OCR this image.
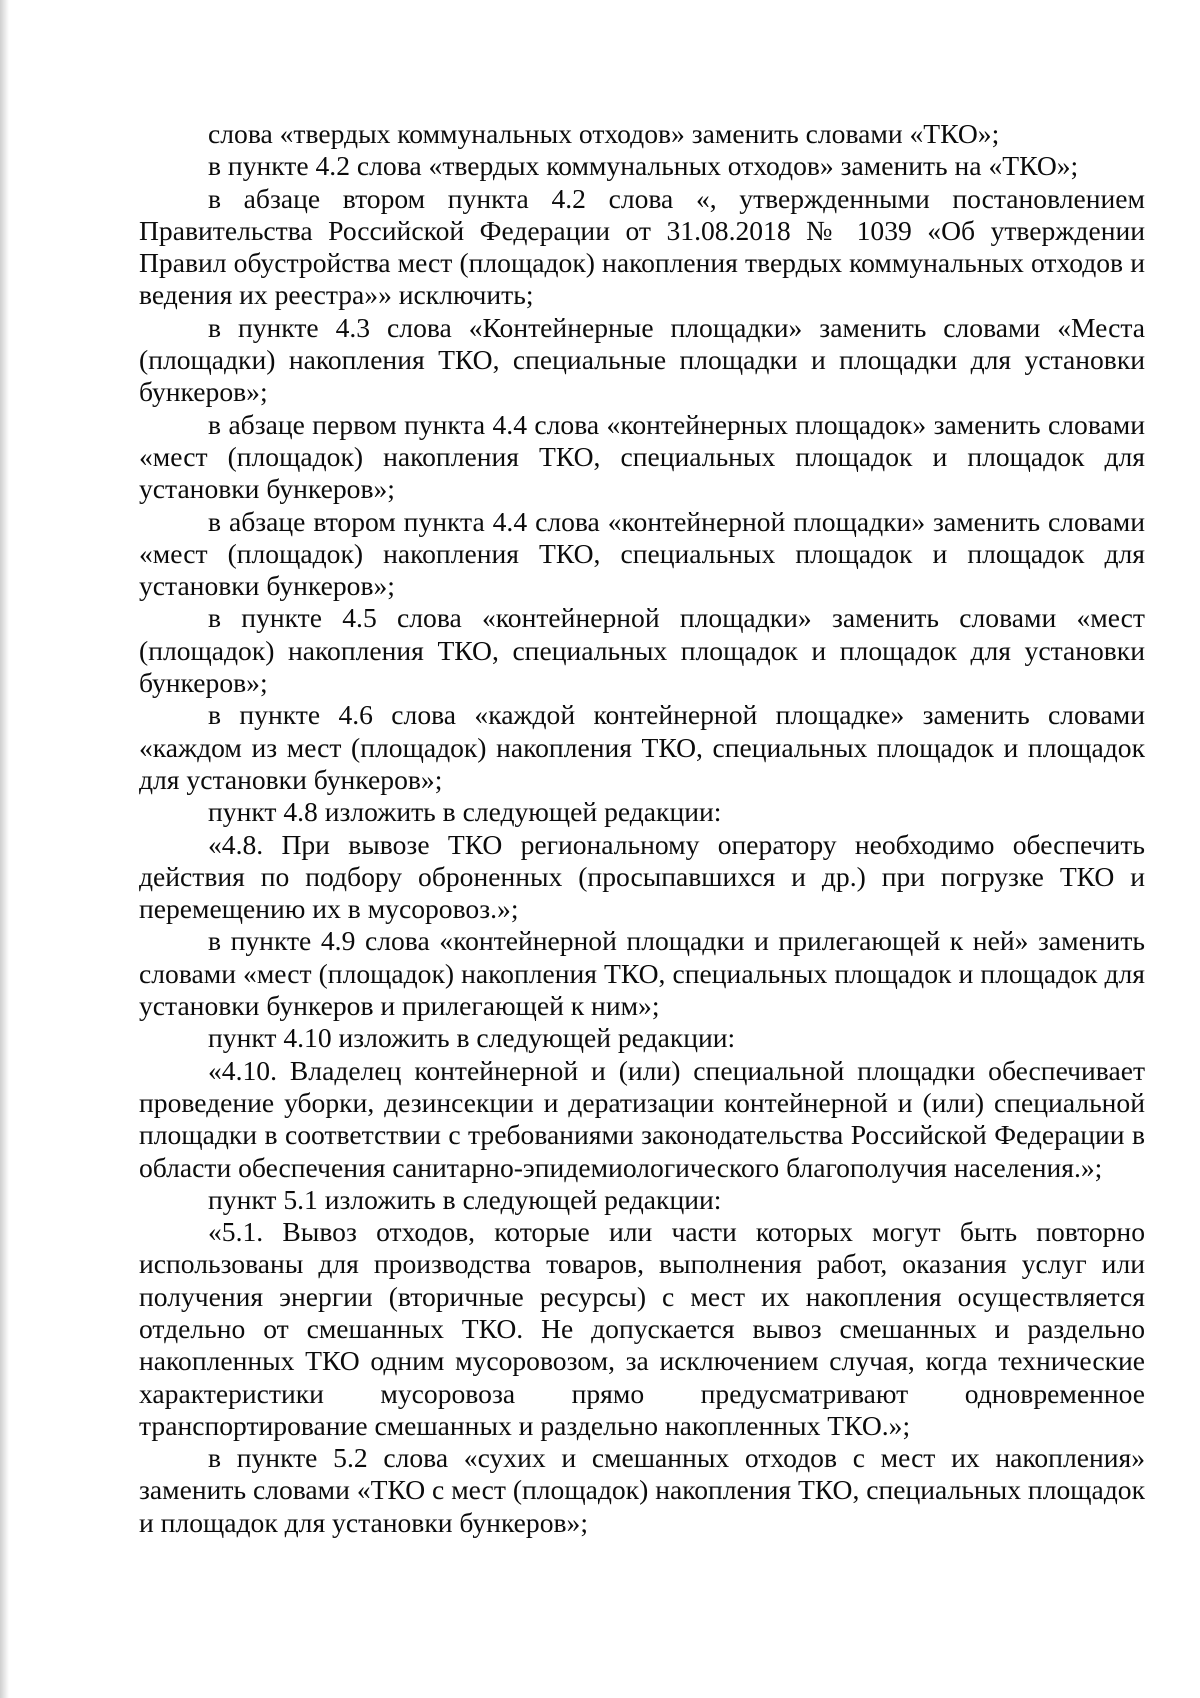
слова «твердых коммунальных отходов» заменить словами «ТКО»;

в пункте 4.2 слова «твердых коммунальных отходов» заменить на «ТКО»;

в абзаце втором пункта 4.2 слова «, утвержденными постановлением Правительства Российской Федерации от 31.08.2018 № 1039 «Об утверждении Правил обустройства мест (площадок) накопления твердых коммунальных отходов и ведения их реестра»» исключить;

в пункте 4.3 слова «Контейнерные площадки» заменить словами «Места (площадки) накопления ТКО, специальные площадки и площадки для установки бункеров»;

в абзаце первом пункта 4.4 слова «контейнерных площадок» заменить словами «мест (площадок) накопления ТКО, специальных площадок и площадок для установки бункеров»;

в абзаце втором пункта 4.4 слова «контейнерной площадки» заменить словами «мест (площадок) накопления ТКО, специальных площадок и площадок для установки бункеров»;

в пункте 4.5 слова «контейнерной площадки» заменить словами «мест (площадок) накопления ТКО, специальных площадок и площадок для установки бункеров»;

в пункте 4.6 слова «каждой контейнерной площадке» заменить словами «каждом из мест (площадок) накопления ТКО, специальных площадок и площадок для установки бункеров»;

пункт 4.8 изложить в следующей редакции:

«4.8. При вывозе ТКО региональному оператору необходимо обеспечить действия по подбору оброненных (просыпавшихся и др.) при погрузке ТКО и перемещению их в мусоровоз.»;

в пункте 4.9 слова «контейнерной площадки и прилегающей к ней» заменить словами «мест (площадок) накопления ТКО, специальных площадок и площадок для установки бункеров и прилегающей к ним»;

пункт 4.10 изложить в следующей редакции:

«4.10. Владелец контейнерной и (или) специальной площадки обеспечивает проведение уборки, дезинсекции и дератизации контейнерной и (или) специальной площадки в соответствии с требованиями законодательства Российской Федерации в области обеспечения санитарно-эпидемиологического благополучия населения.»;

пункт 5.1 изложить в следующей редакции:

«5.1. Вывоз отходов, которые или части которых могут быть повторно использованы для производства товаров, выполнения работ, оказания услуг или получения энергии (вторичные ресурсы) с мест их накопления осуществляется отдельно от смешанных ТКО. Не допускается вывоз смешанных и раздельно накопленных ТКО одним мусоровозом, за исключением случая, когда технические характеристики мусоровоза прямо предусматривают одновременное транспортирование смешанных и раздельно накопленных ТКО.»;

в пункте 5.2 слова «сухих и смешанных отходов с мест их накопления» заменить словами «ТКО с мест (площадок) накопления ТКО, специальных площадок и площадок для установки бункеров»;
